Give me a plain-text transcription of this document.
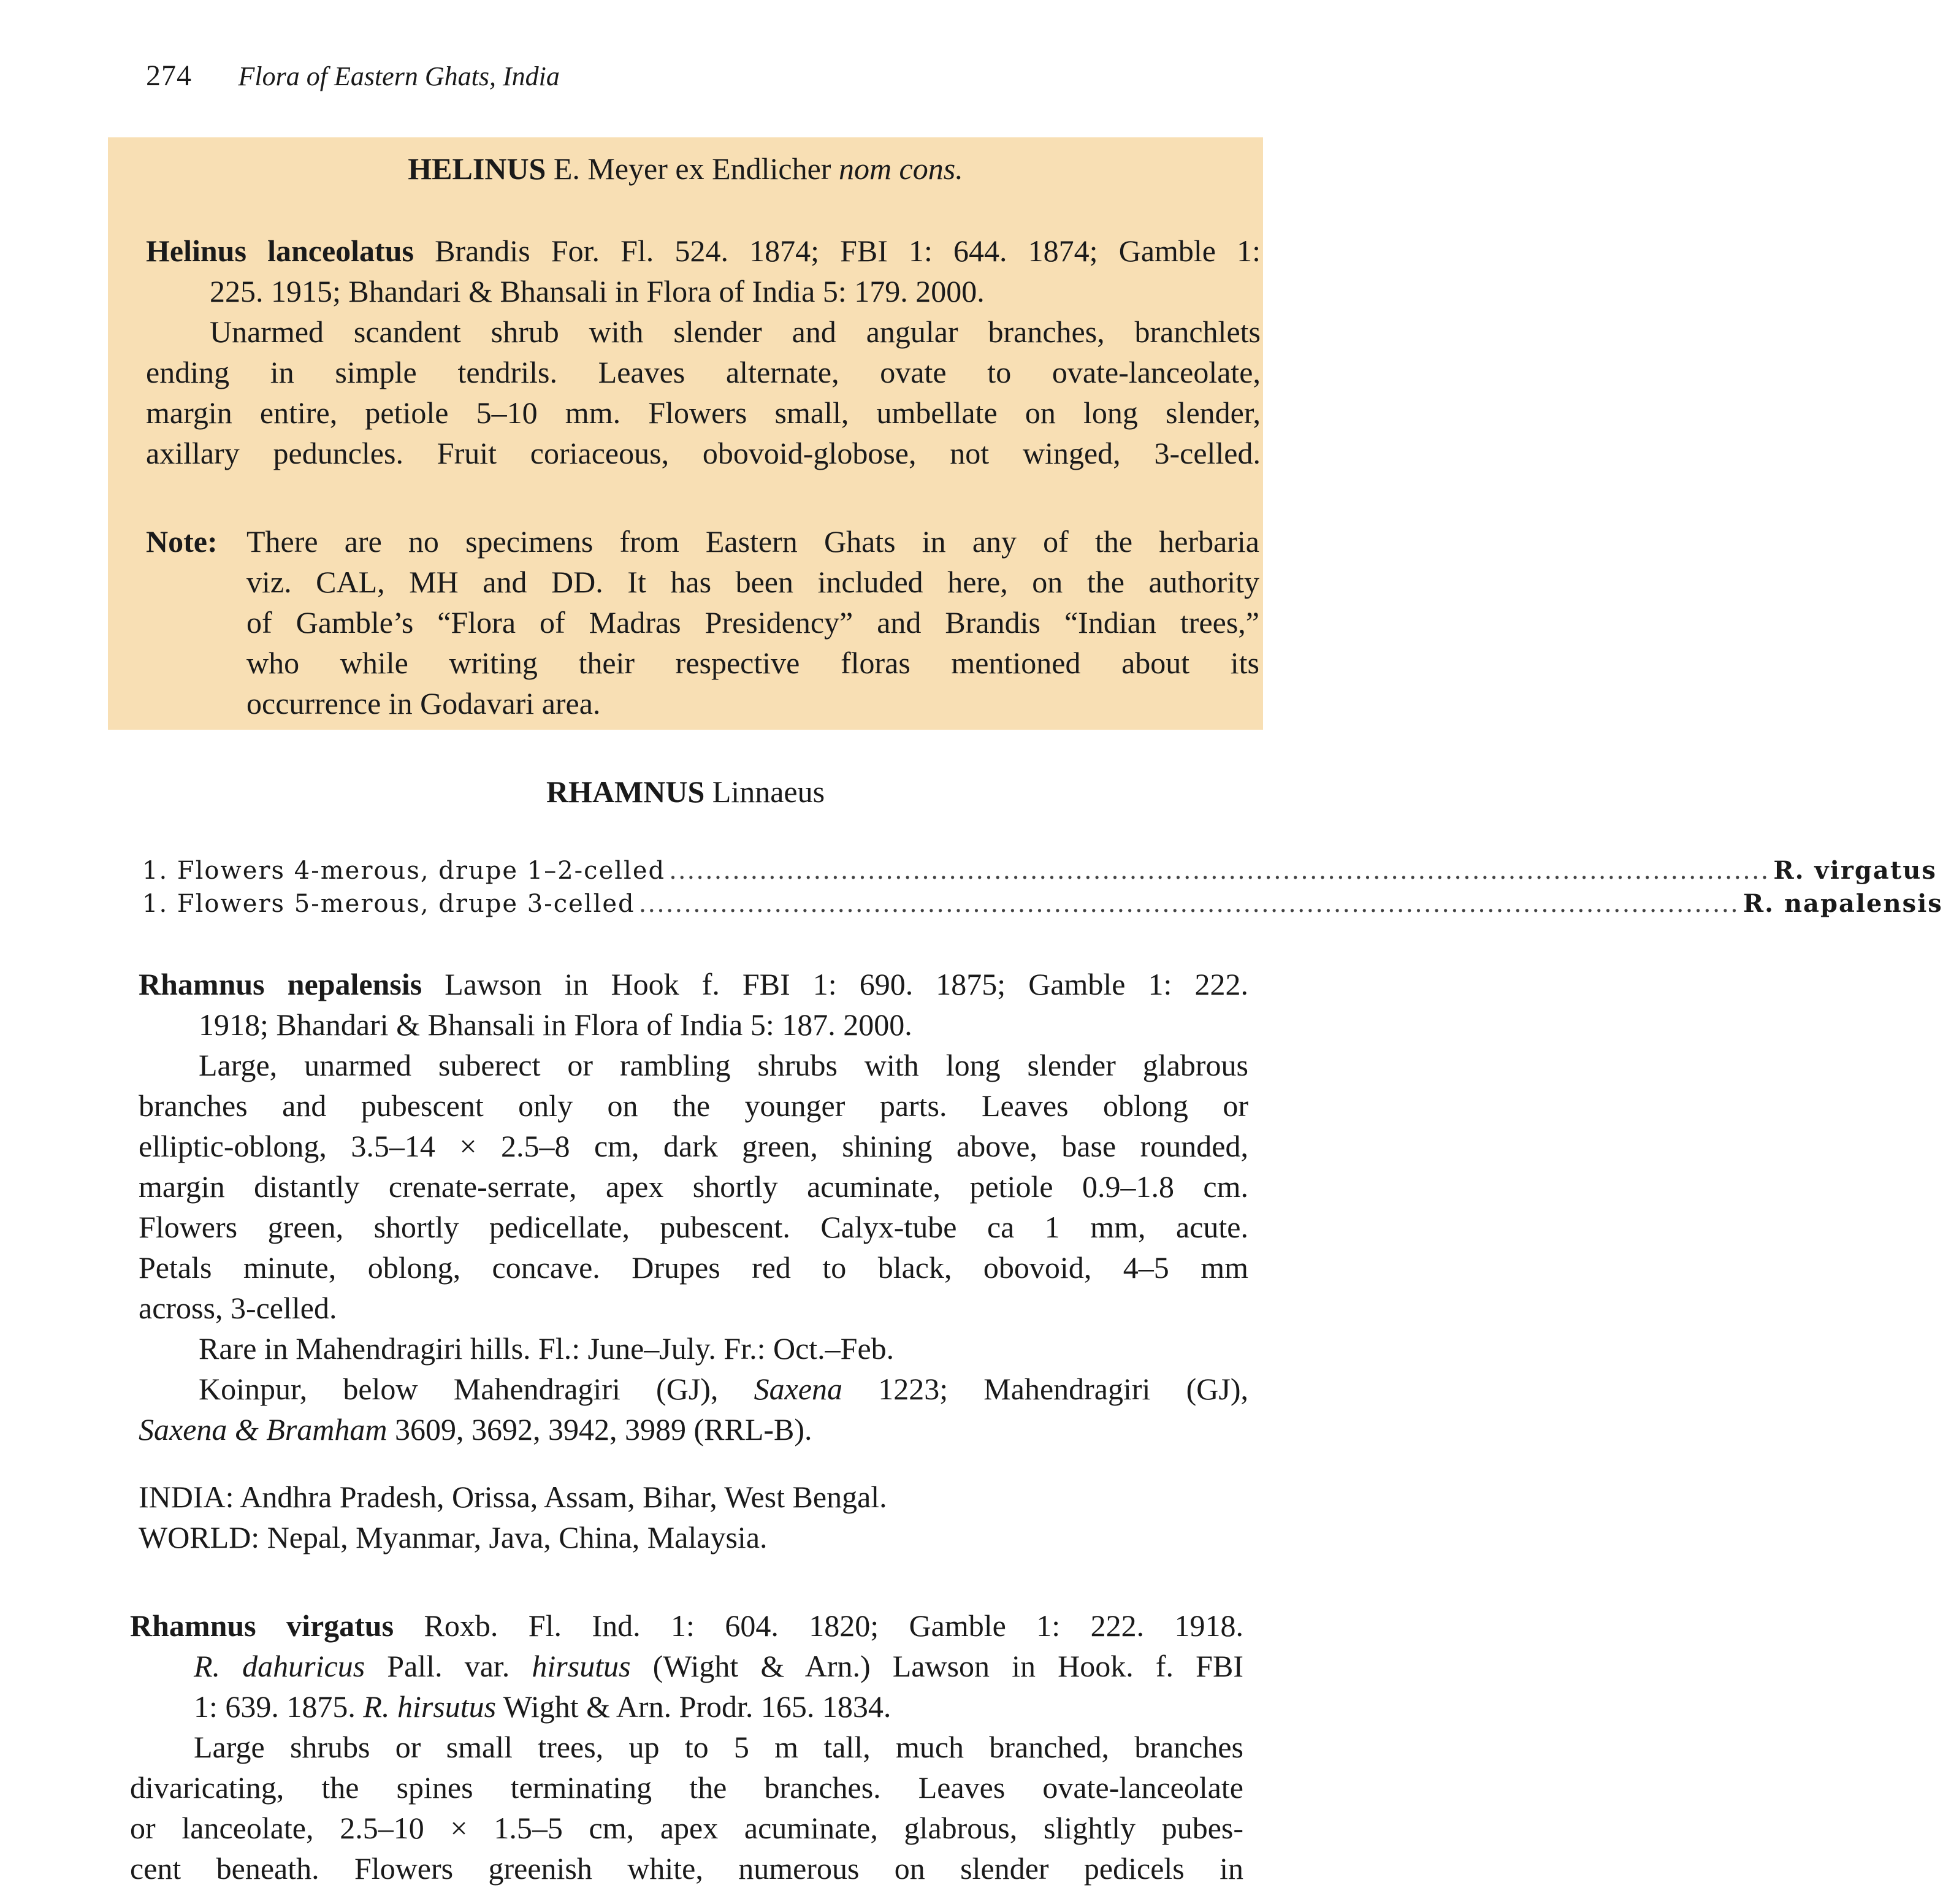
274 Flora of Eastern Ghats, India
HELINUS E. Meyer ex Endlicher nom cons.
Helinus lanceolatus Brandis For. Fl. 524. 1874; FBI 1: 644. 1874; Gamble 1:
225. 1915; Bhandari & Bhansali in Flora of India 5: 179. 2000.
Unarmed scandent shrub with slender and angular branches, branchlets
ending in simple tendrils. Leaves alternate, ovate to ovate-lanceolate,
margin entire, petiole 5–10 mm. Flowers small, umbellate on long slender,
axillary peduncles. Fruit coriaceous, obovoid-globose, not winged, 3-celled.
Note: There are no specimens from Eastern Ghats in any of the herbaria
viz. CAL, MH and DD. It has been included here, on the authority
of Gamble’s “Flora of Madras Presidency” and Brandis “Indian trees,”
who while writing their respective floras mentioned about its
occurrence in Godavari area.
RHAMNUS Linnaeus
1. Flowers 4-merous, drupe 1–2-celled .......................................................................................................................... R. virgatus
1. Flowers 5-merous, drupe 3-celled .......................................................................................................................... R. napalensis
Rhamnus nepalensis Lawson in Hook f. FBI 1: 690. 1875; Gamble 1: 222.
1918; Bhandari & Bhansali in Flora of India 5: 187. 2000.
Large, unarmed suberect or rambling shrubs with long slender glabrous
branches and pubescent only on the younger parts. Leaves oblong or
elliptic-oblong, 3.5–14 × 2.5–8 cm, dark green, shining above, base rounded,
margin distantly crenate-serrate, apex shortly acuminate, petiole 0.9–1.8 cm.
Flowers green, shortly pedicellate, pubescent. Calyx-tube ca 1 mm, acute.
Petals minute, oblong, concave. Drupes red to black, obovoid, 4–5 mm
across, 3-celled.
Rare in Mahendragiri hills. Fl.: June–July. Fr.: Oct.–Feb.
Koinpur, below Mahendragiri (GJ), Saxena 1223; Mahendragiri (GJ),
Saxena & Bramham 3609, 3692, 3942, 3989 (RRL-B).
INDIA: Andhra Pradesh, Orissa, Assam, Bihar, West Bengal.
WORLD: Nepal, Myanmar, Java, China, Malaysia.
Rhamnus virgatus Roxb. Fl. Ind. 1: 604. 1820; Gamble 1: 222. 1918.
R. dahuricus Pall. var. hirsutus (Wight & Arn.) Lawson in Hook. f. FBI
1: 639. 1875. R. hirsutus Wight & Arn. Prodr. 165. 1834.
Large shrubs or small trees, up to 5 m tall, much branched, branches
divaricating, the spines terminating the branches. Leaves ovate-lanceolate
or lanceolate, 2.5–10 × 1.5–5 cm, apex acuminate, glabrous, slightly pubes-
cent beneath. Flowers greenish white, numerous on slender pedicels in
